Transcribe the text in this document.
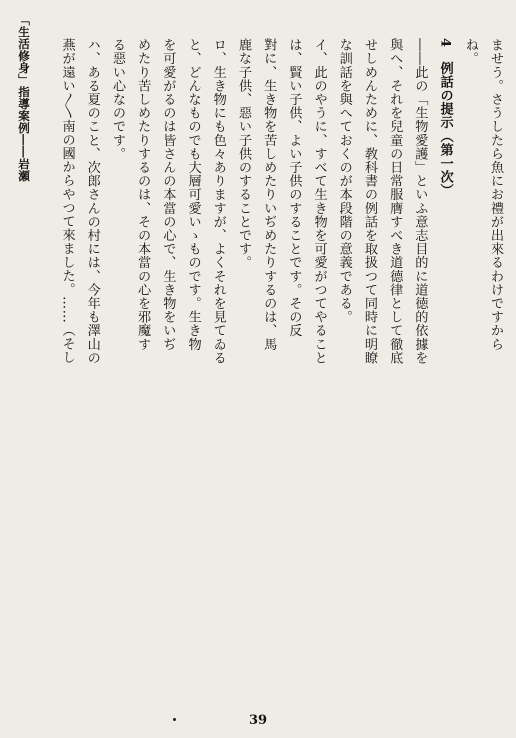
「生活修身」指導案例――岩瀬	ませう。さうしたら魚にお禮が出來るわけですから
ね。
4　例話の提示（第一次）
――此の「生物愛護」といふ意志目的に道徳的依據を
與へ、それを兒童の日常服膺すべき道德律として徹底
せしめんために、敎科書の例話を取扱つて同時に明瞭
な訓話を與へておくのが本段階の意義である。
イ、此のやうに、すべて生き物を可愛がつてやること
は、賢い子供、よい子供のすることです。その反
對に、生き物を苦しめたりいぢめたりするのは、馬
鹿な子供、惡い子供のすることです。
ロ、生き物にも色々ありますが、よくそれを見てゐる
と、どんなものでも大層可愛いゝものです。生き物
を可愛がるのは皆さんの本當の心で、生き物をいぢ
めたり苦しめたりするのは、その本當の心を邪魔す
る惡い心なのです。
ハ、ある夏のこと、次郎さんの村には、今年も澤山の
燕が遠い〳〵南の國からやつて來ました。……（そし
39
